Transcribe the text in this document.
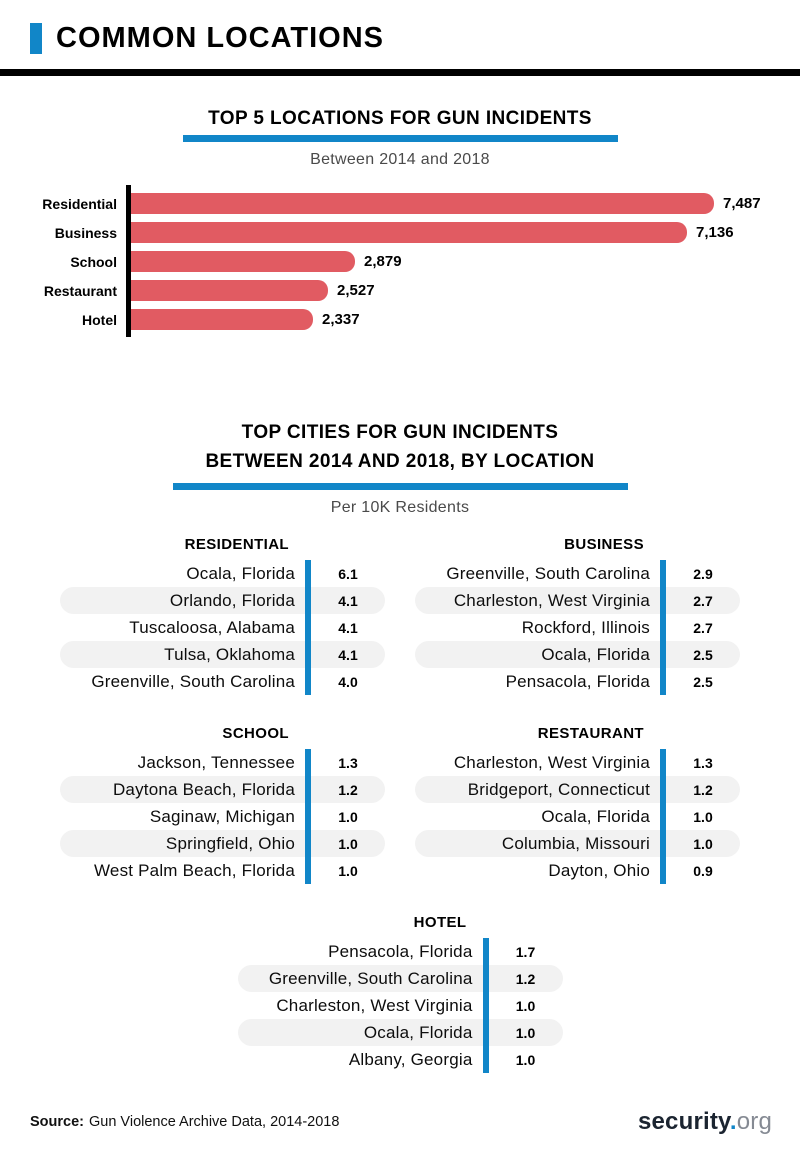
COMMON LOCATIONS
TOP 5 LOCATIONS FOR GUN INCIDENTS
Between 2014 and 2018
Residential	7,487
Business	7,136
School	2,879
Restaurant	2,527
Hotel	2,337
TOP CITIES FOR GUN INCIDENTS
BETWEEN 2014 AND 2018, BY LOCATION
Per 10K Residents
RESIDENTIAL
Ocala, Florida	6.1
Orlando, Florida	4.1
Tuscaloosa, Alabama	4.1
Tulsa, Oklahoma	4.1
Greenville, South Carolina	4.0
BUSINESS
Greenville, South Carolina	2.9
Charleston, West Virginia	2.7
Rockford, Illinois	2.7
Ocala, Florida	2.5
Pensacola, Florida	2.5
SCHOOL
Jackson, Tennessee	1.3
Daytona Beach, Florida	1.2
Saginaw, Michigan	1.0
Springfield, Ohio	1.0
West Palm Beach, Florida	1.0
RESTAURANT
Charleston, West Virginia	1.3
Bridgeport, Connecticut	1.2
Ocala, Florida	1.0
Columbia, Missouri	1.0
Dayton, Ohio	0.9
HOTEL
Pensacola, Florida	1.7
Greenville, South Carolina	1.2
Charleston, West Virginia	1.0
Ocala, Florida	1.0
Albany, Georgia	1.0
Source: Gun Violence Archive Data, 2014-2018	security.org
